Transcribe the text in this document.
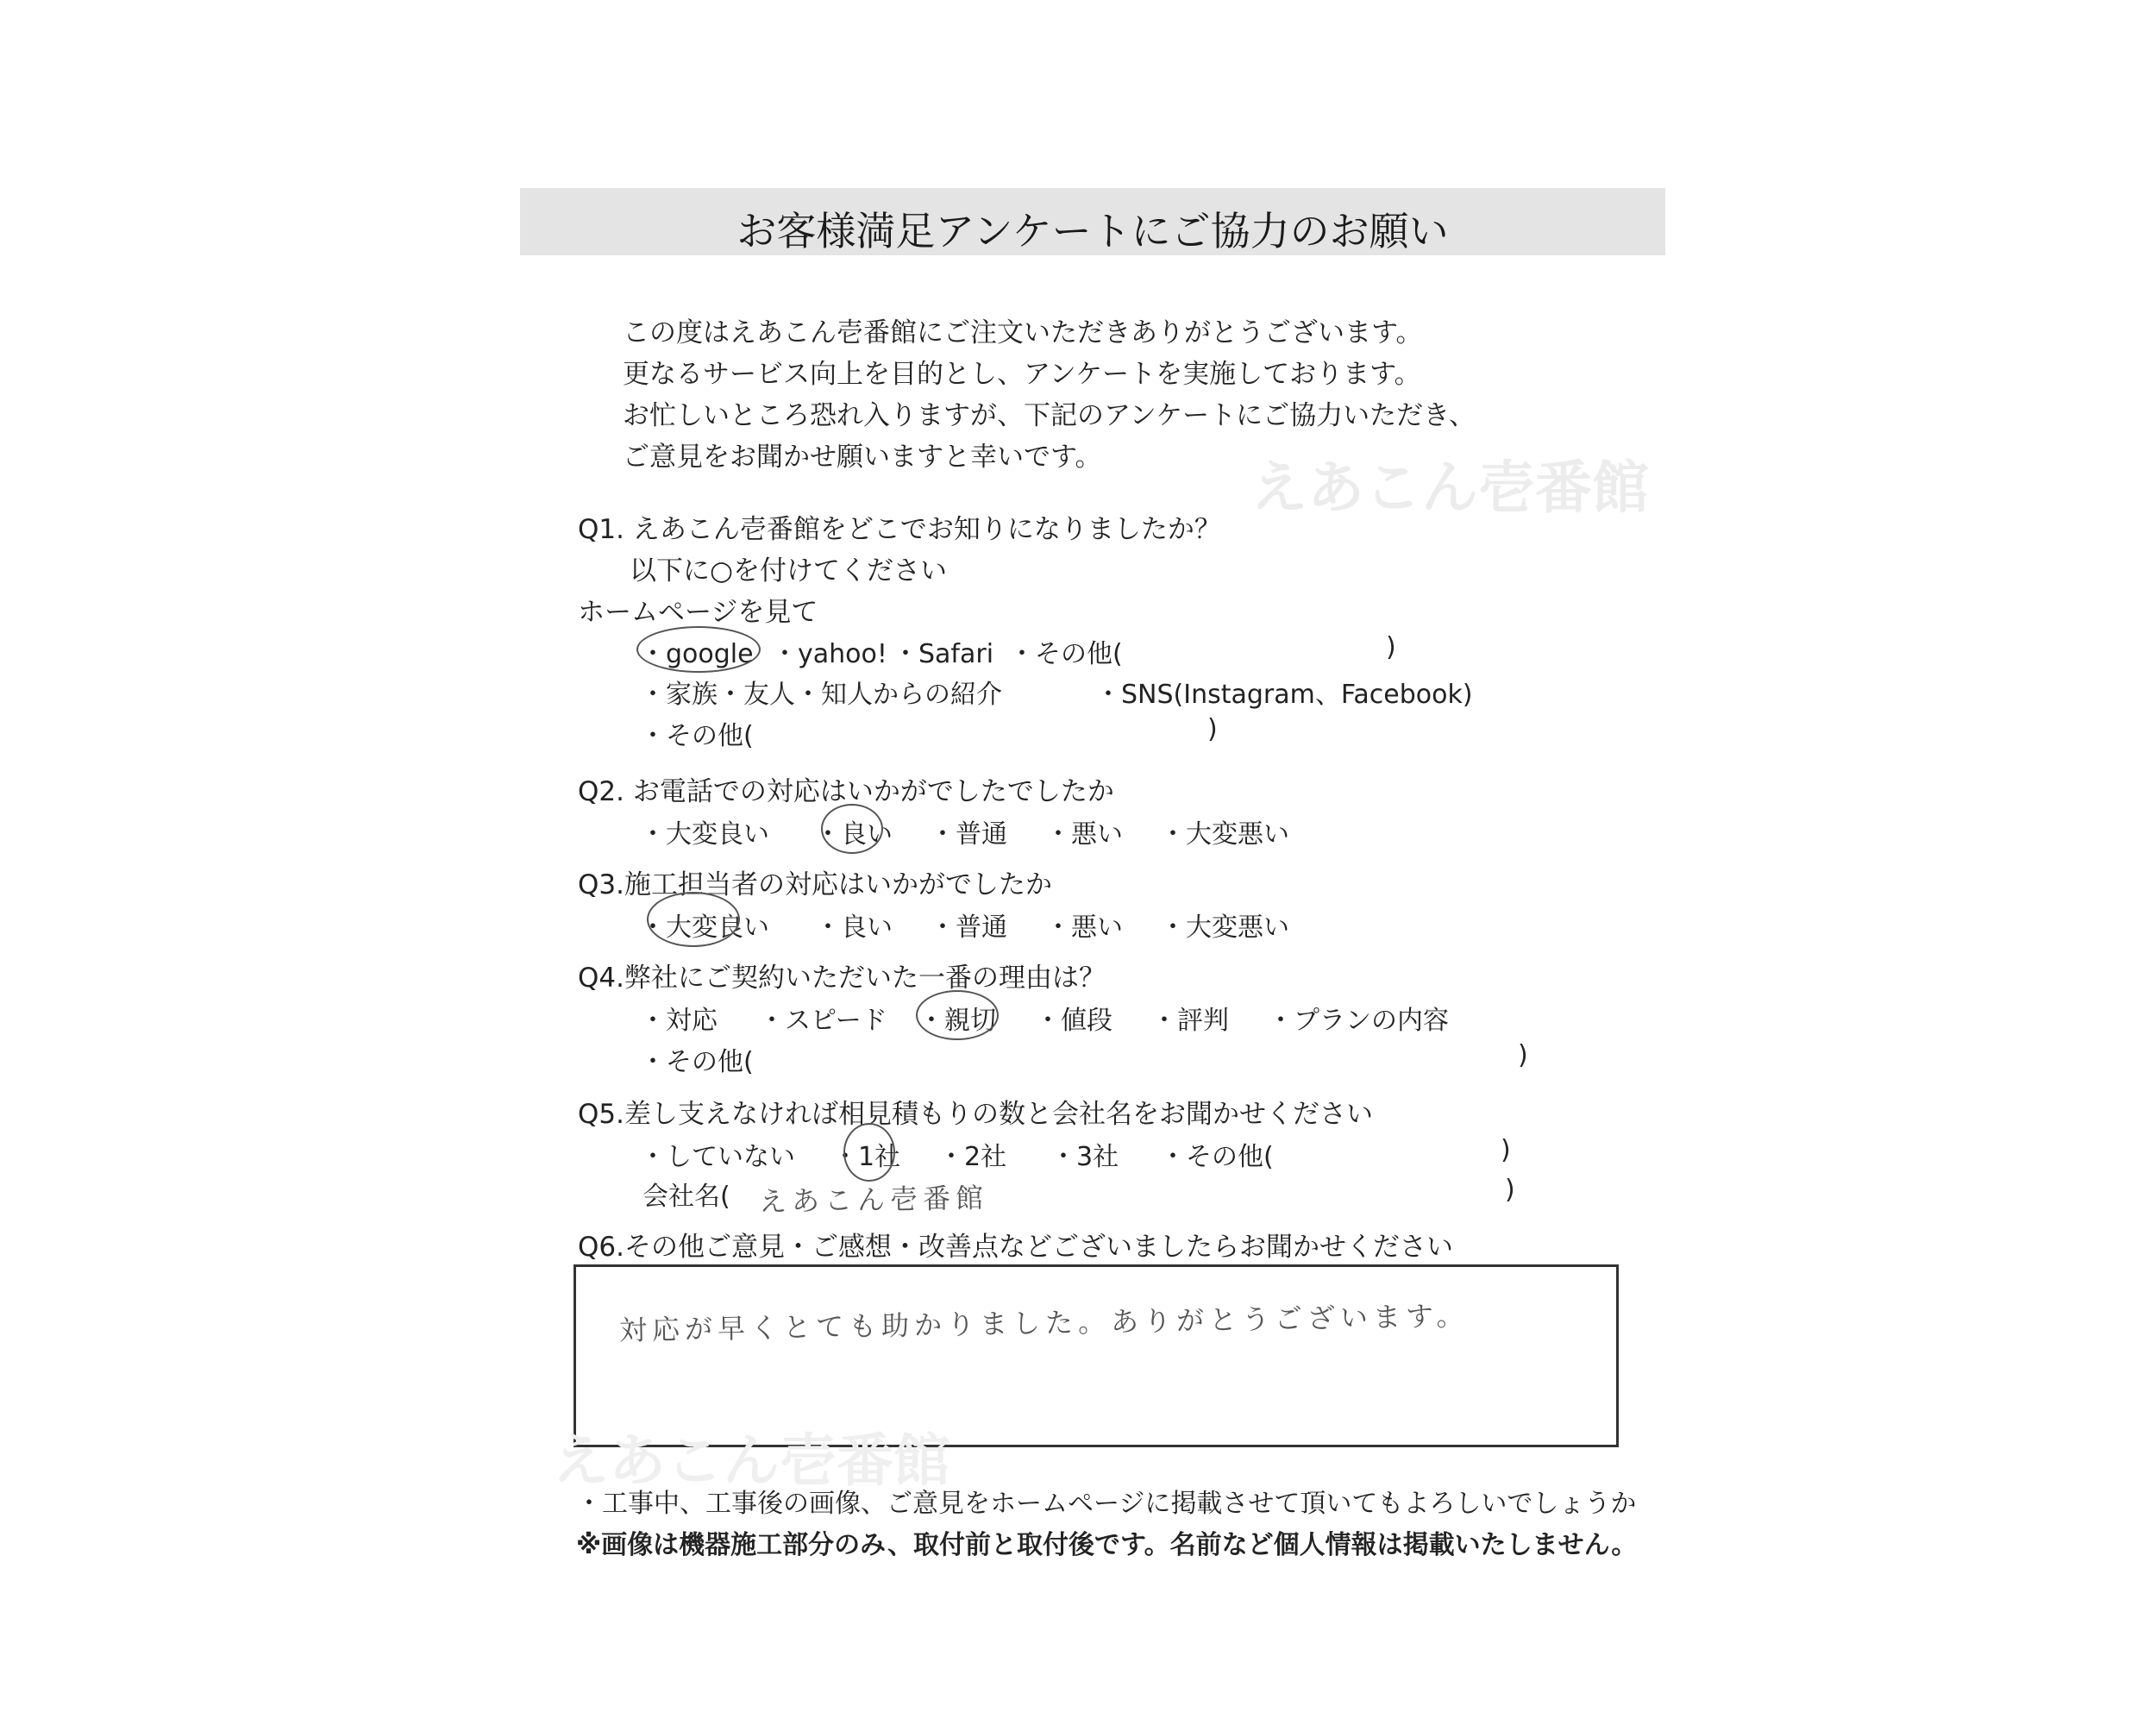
お客様満足アンケートにご協力のお願い
えあこん壱番館
この度はえあこん壱番館にご注文いただきありがとうございます。
更なるサービス向上を目的とし、アンケートを実施しております。
お忙しいところ恐れ入りますが、下記のアンケートにご協力いただき、
ご意見をお聞かせ願いますと幸いです。
Q1. えあこん壱番館をどこでお知りになりましたか？
以下に○を付けてください
ホームページを見て
・google ・yahoo! ・Safari ・その他(	)
・家族・友人・知人からの紹介	・SNS(Instagram、Facebook)
・その他(	)
Q2. お電話での対応はいかがでしたでしたか
・大変良い ・良い ・普通 ・悪い ・大変悪い
Q3.施工担当者の対応はいかがでしたか
・大変良い ・良い ・普通 ・悪い ・大変悪い
Q4.弊社にご契約いただいた一番の理由は？
・対応 ・スピード ・親切 ・値段 ・評判 ・プランの内容
・その他(	)
Q5.差し支えなければ相見積もりの数と会社名をお聞かせください
・していない ・1社 ・2社 ・3社 ・その他(	)
会社名( えあこん壱番館	)
Q6.その他ご意見・ご感想・改善点などございましたらお聞かせください
対応が早くとても助かりました。ありがとうございます。
えあこん壱番館
・工事中、工事後の画像、ご意見をホームページに掲載させて頂いてもよろしいでしょうか
※画像は機器施工部分のみ、取付前と取付後です。名前など個人情報は掲載いたしません。
